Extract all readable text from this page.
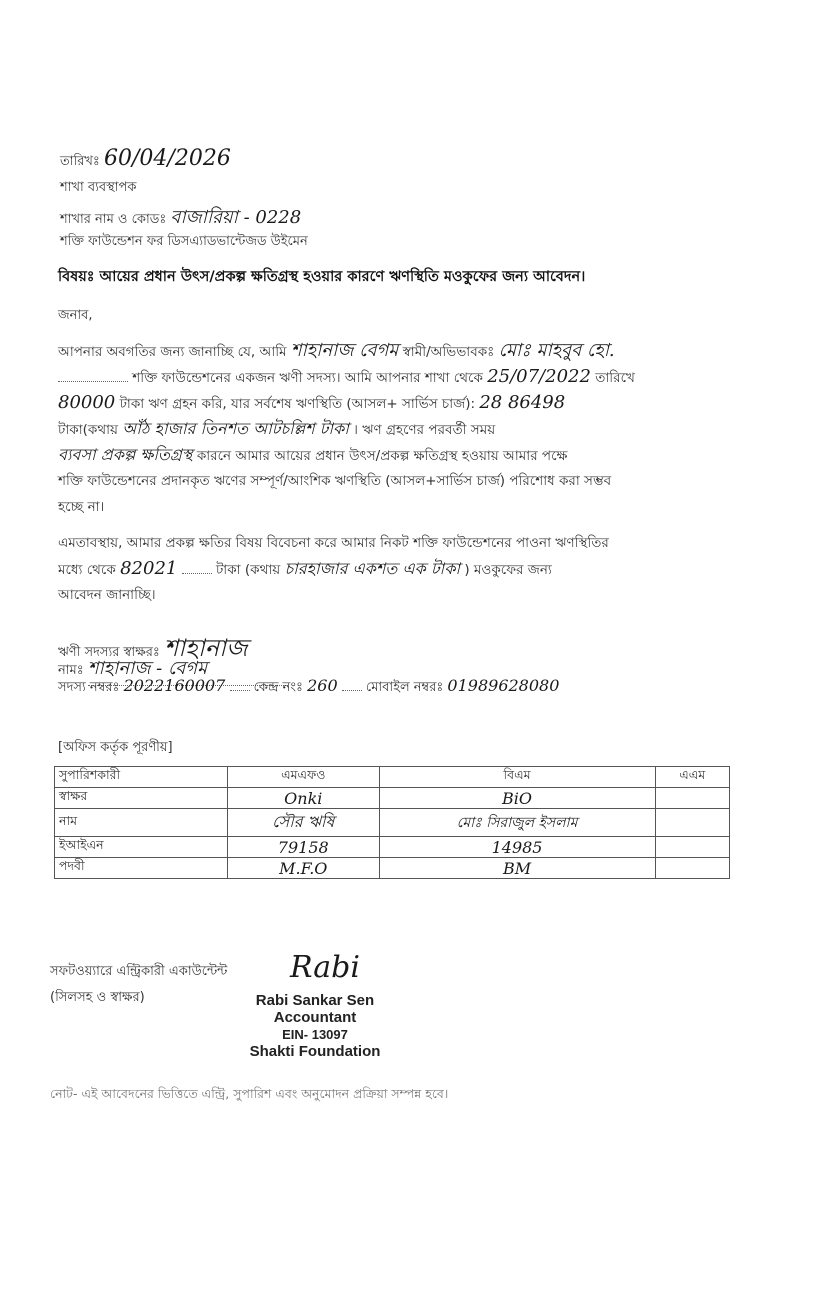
তারিখঃ 60/04/2026
শাখা ব্যবস্থাপক
শাখার নাম ও কোডঃ বাজারিয়া - 0228
শক্তি ফাউন্ডেশন ফর ডিসএ্যাডভান্টেজড উইমেন
বিষয়ঃ আয়ের প্রধান উৎস/প্রকল্প ক্ষতিগ্রস্থ হওয়ার কারণে ঋণস্থিতি মওকুফের জন্য আবেদন।
জনাব,
আপনার অবগতির জন্য জানাচ্ছি যে, আমি শাহানাজ বেগম স্বামী/অভিভাবকঃ মোঃ মাহবুব হো.
শক্তি ফাউন্ডেশনের একজন ঋণী সদস্য। আমি আপনার শাখা থেকে 25/07/2022 তারিখে
80000 টাকা ঋণ গ্রহন করি, যার সর্বশেষ ঋণস্থিতি (আসল+ সার্ভিস চার্জ): 28 86498
টাকা(কথায় আঁঠ হাজার তিনশত আটচল্লিশ টাকা । ঋণ গ্রহণের পরবর্তী সময়
ব্যবসা প্রকল্প ক্ষতিগ্রস্থ কারনে আমার আয়ের প্রধান উৎস/প্রকল্প ক্ষতিগ্রস্থ হওয়ায় আমার পক্ষে
শক্তি ফাউন্ডেশনের প্রদানকৃত ঋণের সম্পূর্ণ/আংশিক ঋণস্থিতি (আসল+সার্ভিস চার্জ) পরিশোধ করা সম্ভব
হচ্ছে না।
এমতাবস্থায়, আমার প্রকল্প ক্ষতির বিষয় বিবেচনা করে আমার নিকট শক্তি ফাউন্ডেশনের পাওনা ঋণস্থিতির
মধ্যে থেকে 82021	টাকা (কথায় চারহাজার একশত এক টাকা ) মওকুফের জন্য
আবেদন জানাচ্ছি।
ঋণী সদস্যর স্বাক্ষরঃ শাহানাজ
নামঃ শাহানাজ - বেগম
সদস্য নম্বরঃ 2022160007 কেন্দ্র নংঃ 260 মোবাইল নম্বরঃ 01989628080
[অফিস কর্তৃক পূরণীয়]
সুপারিশকারী	এমএফও	বিএম	এএম
স্বাক্ষর	Onki	BiO	
নাম	সৌর ঋষি	মোঃ সিরাজুল ইসলাম	
ইআইএন	79158	14985	
পদবী	M.F.O	BM	
সফটওয়্যারে এন্ট্রিকারী একাউন্টেন্ট
(সিলসহ ও স্বাক্ষর)
Rabi
Rabi Sankar Sen
Accountant
EIN- 13097
Shakti Foundation
নোট- এই আবেদনের ভিত্তিতে এন্ট্রি, সুপারিশ এবং অনুমোদন প্রক্রিয়া সম্পন্ন হবে।
